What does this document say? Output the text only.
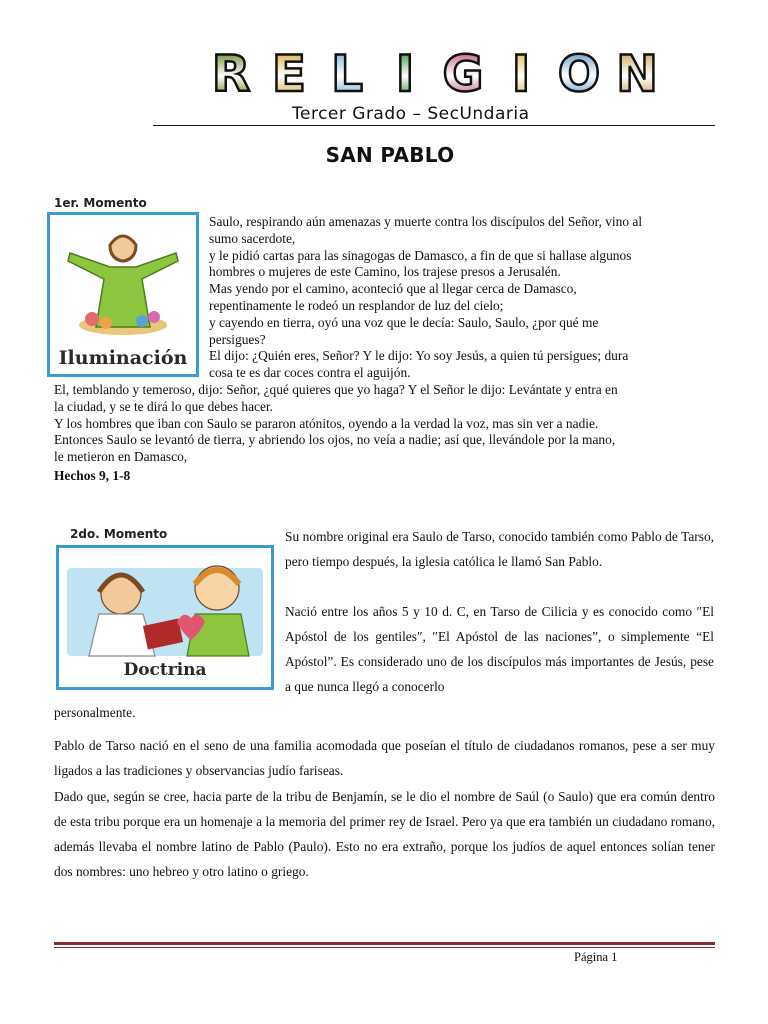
R E L I G I O N
Tercer Grado – SecUndaria
SAN PABLO
1er. Momento
Iluminación
Saulo, respirando aún amenazas y muerte contra los discípulos del Señor, vino al
sumo sacerdote,
y le pidió cartas para las sinagogas de Damasco, a fin de que si hallase algunos
hombres o mujeres de este Camino, los trajese presos a Jerusalén.
Mas yendo por el camino, aconteció que al llegar cerca de Damasco,
repentinamente le rodeó un resplandor de luz del cielo;
y cayendo en tierra, oyó una voz que le decía: Saulo, Saulo, ¿por qué me
persigues?
El dijo: ¿Quién eres, Señor? Y le dijo: Yo soy Jesús, a quien tú persigues; dura
cosa te es dar coces contra el aguijón.
El, temblando y temeroso, dijo: Señor, ¿qué quieres que yo haga? Y el Señor le dijo: Levántate y entra en
la ciudad, y se te dirá lo que debes hacer.
Y los hombres que iban con Saulo se pararon atónitos, oyendo a la verdad la voz, mas sin ver a nadie.
Entonces Saulo se levantó de tierra, y abriendo los ojos, no veía a nadie; así que, llevándole por la mano,
le metieron en Damasco,
Hechos 9, 1-8
2do. Momento
Doctrina

Su nombre original era Saulo de Tarso, conocido también como Pablo de Tarso, pero tiempo después, la iglesia católica le llamó San Pablo.

Nació entre los años 5 y 10 d. C, en Tarso de Cilicia y es conocido como ″El Apóstol de los gentiles″, ″El Apóstol de las naciones”, o simplemente “El Apóstol”. Es considerado uno de los discípulos más importantes de Jesús, pese a que nunca llegó a conocerlo

personalmente.

Pablo de Tarso nació en el seno de una familia acomodada que poseían el título de ciudadanos romanos, pese a ser muy ligados a las tradiciones y observancias judío fariseas.

Dado que, según se cree, hacia parte de la tribu de Benjamín, se le dio el nombre de Saúl (o Saulo) que era común dentro de esta tribu porque era un homenaje a la memoria del primer rey de Israel. Pero ya que era también un ciudadano romano, además llevaba el nombre latino de Pablo (Paulo). Esto no era extraño, porque los judíos de aquel entonces solían tener dos nombres: uno hebreo y otro latino o griego.

Página 1
